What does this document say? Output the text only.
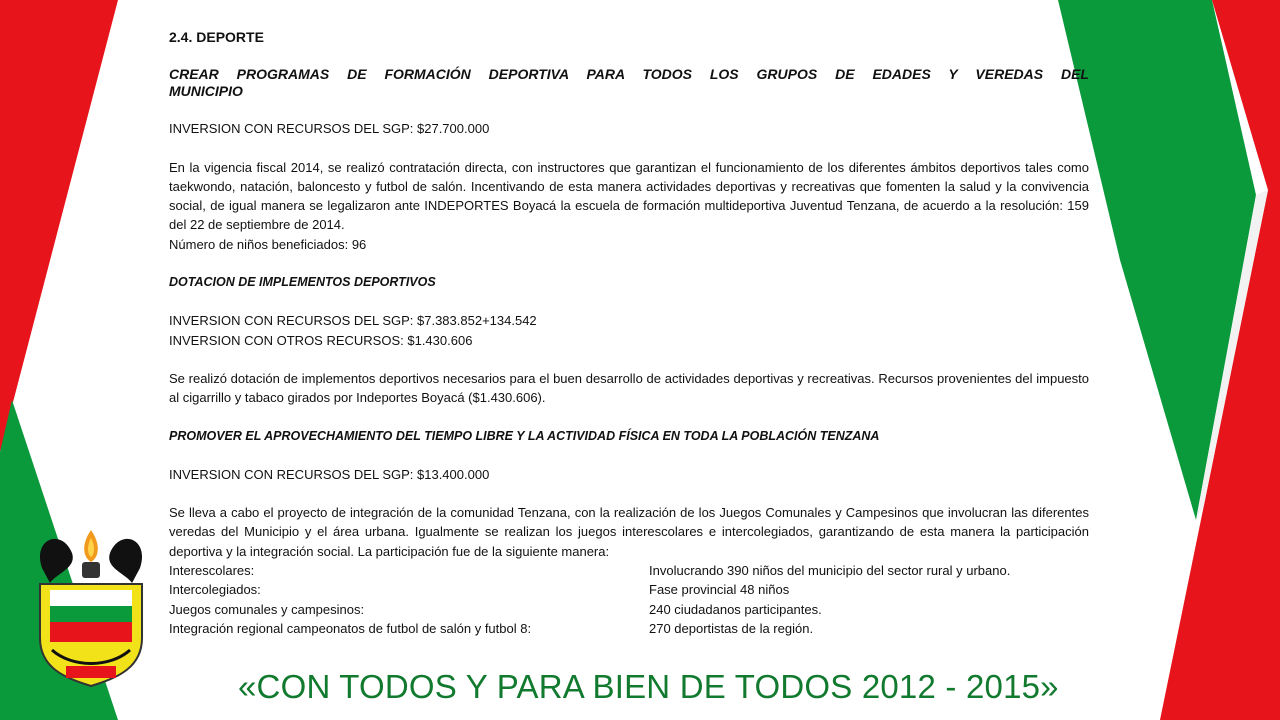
2.4. DEPORTE

CREAR PROGRAMAS DE FORMACIÓN DEPORTIVA PARA TODOS LOS GRUPOS DE EDADES Y VEREDAS DEL

MUNICIPIO

INVERSION CON RECURSOS DEL SGP: $27.700.000

En la vigencia fiscal 2014, se realizó contratación directa, con instructores que garantizan el funcionamiento de los diferentes ámbitos deportivos tales como taekwondo, natación, baloncesto y futbol de salón. Incentivando de esta manera actividades deportivas y recreativas que fomenten la salud y la convivencia social, de igual manera se legalizaron ante INDEPORTES Boyacá la escuela de formación multideportiva Juventud Tenzana, de acuerdo a la resolución: 159 del 22 de septiembre de 2014.

Número de niños beneficiados: 96

DOTACION DE IMPLEMENTOS DEPORTIVOS

INVERSION CON RECURSOS DEL SGP: $7.383.852+134.542

INVERSION CON OTROS RECURSOS: $1.430.606

Se realizó dotación de implementos deportivos necesarios para el buen desarrollo de actividades deportivas y recreativas. Recursos provenientes del impuesto al cigarrillo y tabaco girados por Indeportes Boyacá ($1.430.606).

PROMOVER EL APROVECHAMIENTO DEL TIEMPO LIBRE Y LA ACTIVIDAD FÍSICA EN TODA LA POBLACIÓN TENZANA

INVERSION CON RECURSOS DEL SGP: $13.400.000

Se lleva a cabo el proyecto de integración de la comunidad Tenzana, con la realización de los Juegos Comunales y Campesinos que involucran las diferentes veredas del Municipio y el área urbana. Igualmente se realizan los juegos interescolares e intercolegiados, garantizando de esta manera la participación deportiva y la integración social. La participación fue de la siguiente manera:

Interescolares:	Involucrando 390 niños del municipio del sector rural y urbano.
Intercolegiados:	Fase provincial 48 niños
Juegos comunales y campesinos:	240 ciudadanos participantes.
Integración regional campeonatos de futbol de salón y futbol 8:	270 deportistas de la región.
«CON TODOS Y PARA BIEN DE TODOS 2012 - 2015»
